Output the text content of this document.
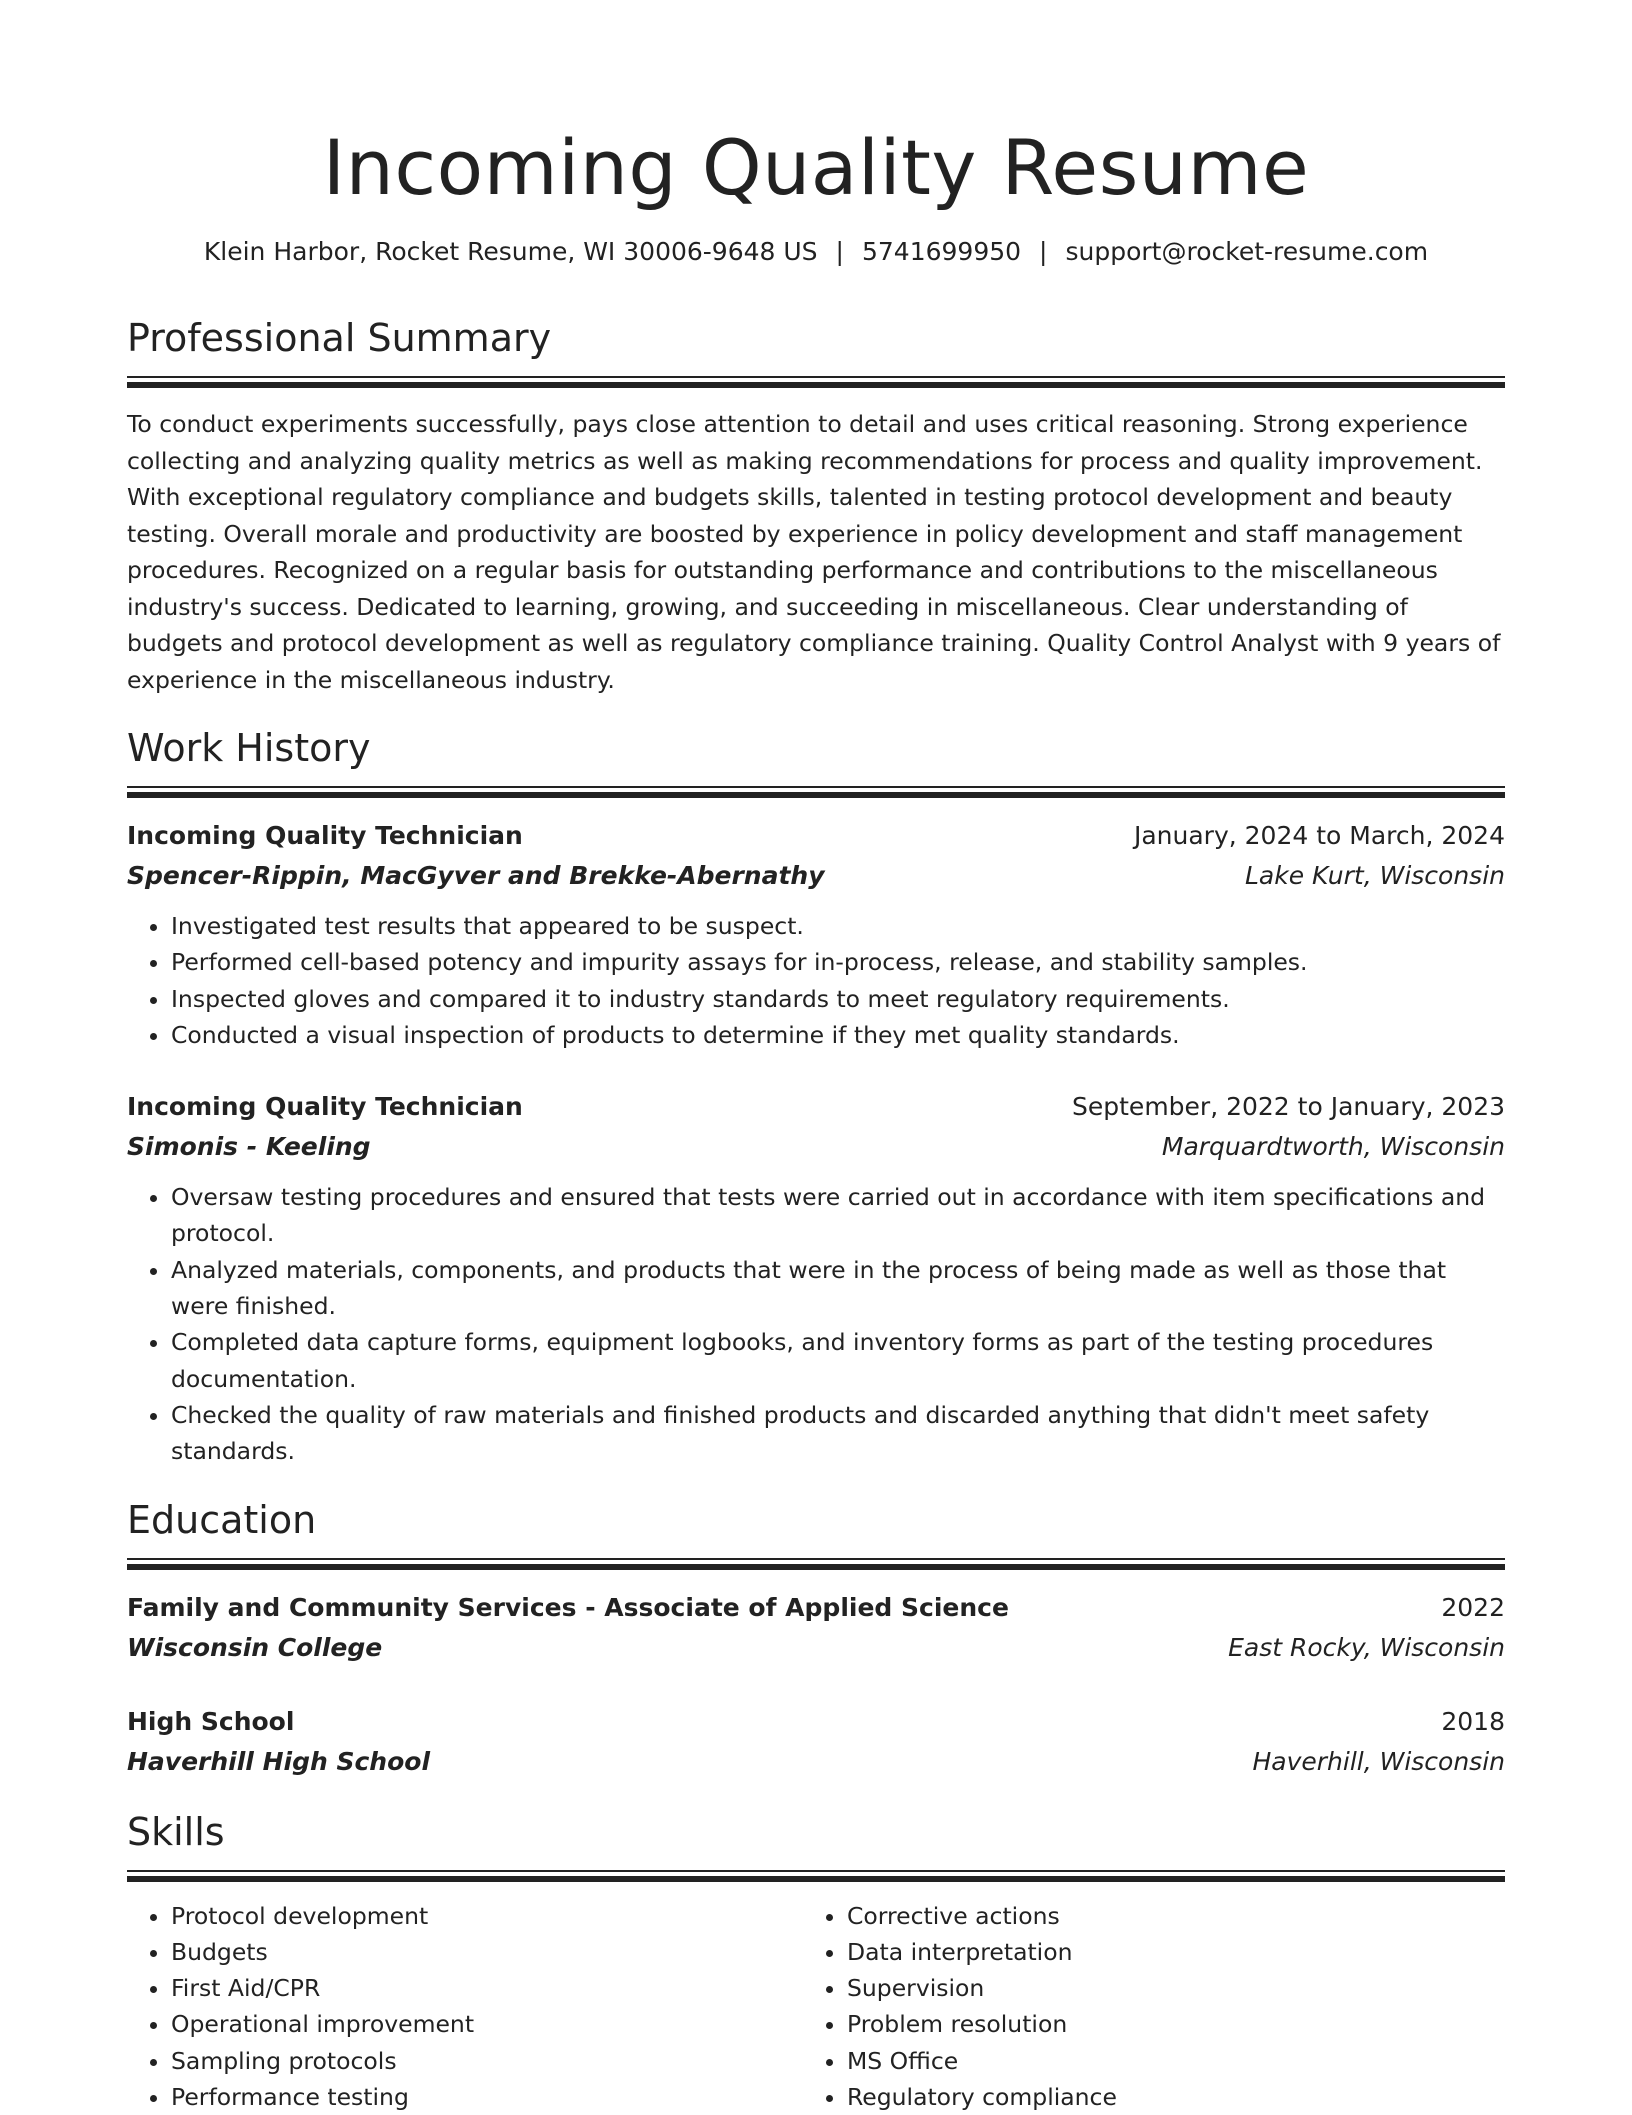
Incoming Quality Resume
Klein Harbor, Rocket Resume, WI 30006-9648 US | 5741699950 | support@rocket-resume.com
Professional Summary
To conduct experiments successfully, pays close attention to detail and uses critical reasoning. Strong experience collecting and analyzing quality metrics as well as making recommendations for process and quality improvement. With exceptional regulatory compliance and budgets skills, talented in testing protocol development and beauty testing. Overall morale and productivity are boosted by experience in policy development and staff management procedures. Recognized on a regular basis for outstanding performance and contributions to the miscellaneous industry's success. Dedicated to learning, growing, and succeeding in miscellaneous. Clear understanding of budgets and protocol development as well as regulatory compliance training. Quality Control Analyst with 9 years of experience in the miscellaneous industry.
Work History
Incoming Quality Technician	January, 2024 to March, 2024
Spencer-Rippin, MacGyver and Brekke-Abernathy	Lake Kurt, Wisconsin
• Investigated test results that appeared to be suspect.
• Performed cell-based potency and impurity assays for in-process, release, and stability samples.
• Inspected gloves and compared it to industry standards to meet regulatory requirements.
• Conducted a visual inspection of products to determine if they met quality standards.
Incoming Quality Technician	September, 2022 to January, 2023
Simonis - Keeling	Marquardtworth, Wisconsin
• Oversaw testing procedures and ensured that tests were carried out in accordance with item specifications and protocol.
• Analyzed materials, components, and products that were in the process of being made as well as those that were finished.
• Completed data capture forms, equipment logbooks, and inventory forms as part of the testing procedures documentation.
• Checked the quality of raw materials and finished products and discarded anything that didn't meet safety standards.
Education
Family and Community Services - Associate of Applied Science	2022
Wisconsin College	East Rocky, Wisconsin
High School	2018
Haverhill High School	Haverhill, Wisconsin
Skills
• Protocol development
• Budgets
• First Aid/CPR
• Operational improvement
• Sampling protocols
• Performance testing
• Corrective actions
• Data interpretation
• Supervision
• Problem resolution
• MS Office
• Regulatory compliance
